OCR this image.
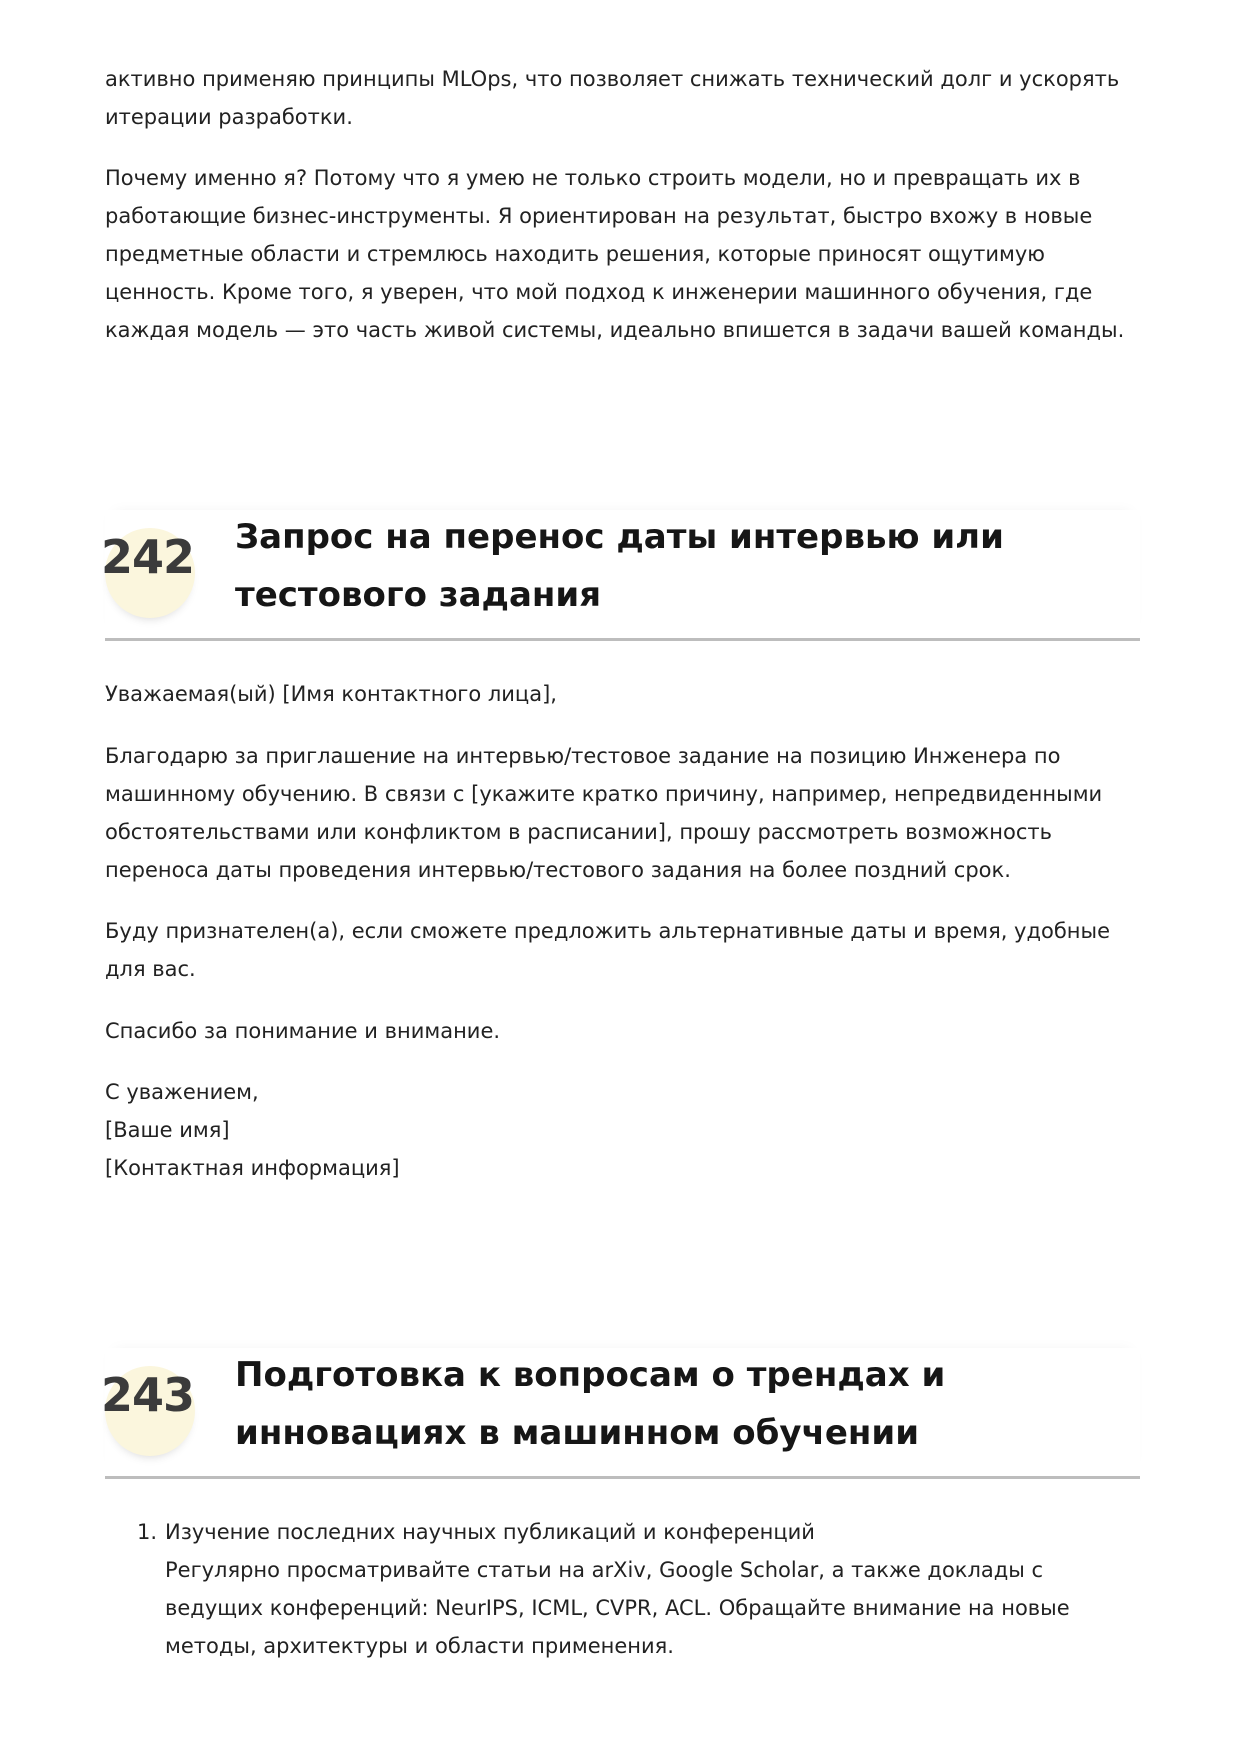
активно применяю принципы MLOps, что позволяет снижать технический долг и ускорять итерации разработки.

Почему именно я? Потому что я умею не только строить модели, но и превращать их в работающие бизнес-инструменты. Я ориентирован на результат, быстро вхожу в новые предметные области и стремлюсь находить решения, которые приносят ощутимую ценность. Кроме того, я уверен, что мой подход к инженерии машинного обучения, где каждая модель — это часть живой системы, идеально впишется в задачи вашей команды.

242 Запрос на перенос даты интервью или тестового задания

Уважаемая(ый) [Имя контактного лица],

Благодарю за приглашение на интервью/тестовое задание на позицию Инженера по машинному обучению. В связи с [укажите кратко причину, например, непредвиденными обстоятельствами или конфликтом в расписании], прошу рассмотреть возможность переноса даты проведения интервью/тестового задания на более поздний срок.

Буду признателен(а), если сможете предложить альтернативные даты и время, удобные для вас.

Спасибо за понимание и внимание.

С уважением,
[Ваше имя]
[Контактная информация]

243 Подготовка к вопросам о трендах и инновациях в машинном обучении
1. Изучение последних научных публикаций и конференций
Регулярно просматривайте статьи на arXiv, Google Scholar, а также доклады с ведущих конференций: NeurIPS, ICML, CVPR, ACL. Обращайте внимание на новые методы, архитектуры и области применения.
